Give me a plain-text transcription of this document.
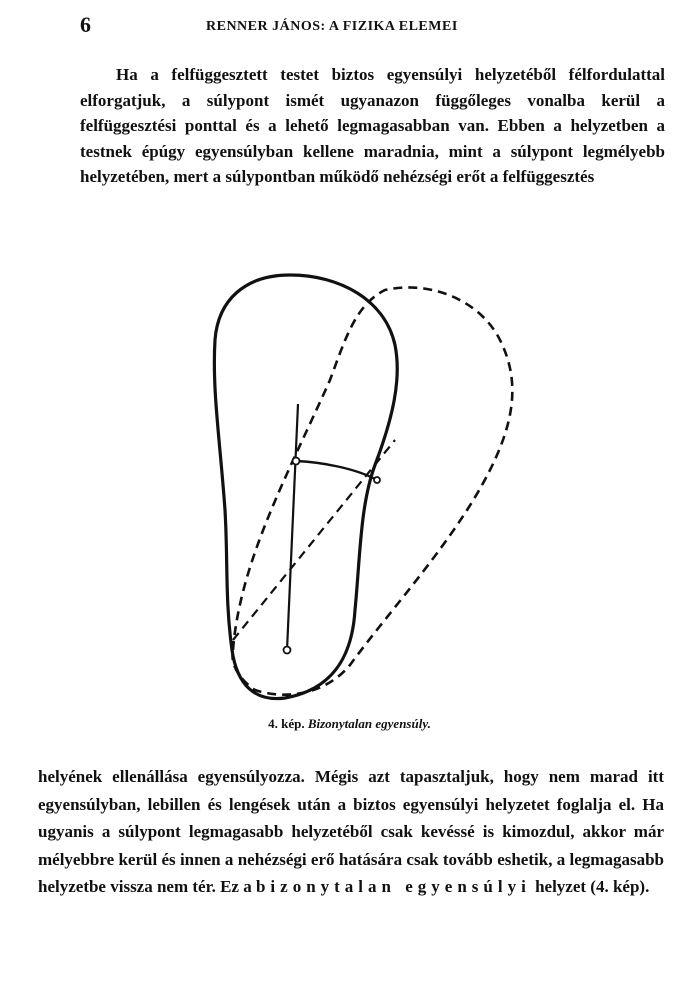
6	RENNER JÁNOS: A FIZIKA ELEMEI
Ha a felfüggesztett testet biztos egyensúlyi helyzetéből félfordulattal elforgatjuk, a súlypont ismét ugyanazon függőleges vonalba kerül a felfüggesztési ponttal és a lehető legmagasabban van. Ebben a helyzetben a testnek épúgy egyensúlyban kellene maradnia, mint a súlypont legmélyebb helyzetében, mert a súlypontban működő nehézségi erőt a felfüggesztés
4. kép. Bizonytalan egyensúly.
helyének ellenállása egyensúlyozza. Mégis azt tapasztaljuk, hogy nem marad itt egyensúlyban, lebillen és lengések után a biztos egyensúlyi helyzetet foglalja el. Ha ugyanis a súlypont legmagasabb helyzetéből csak kevéssé is kimozdul, akkor már mélyebbre kerül és innen a nehézségi erő hatására csak tovább eshetik, a legmagasabb helyzetbe vissza nem tér. Ez a bizonytalan egyensúlyi helyzet (4. kép).
